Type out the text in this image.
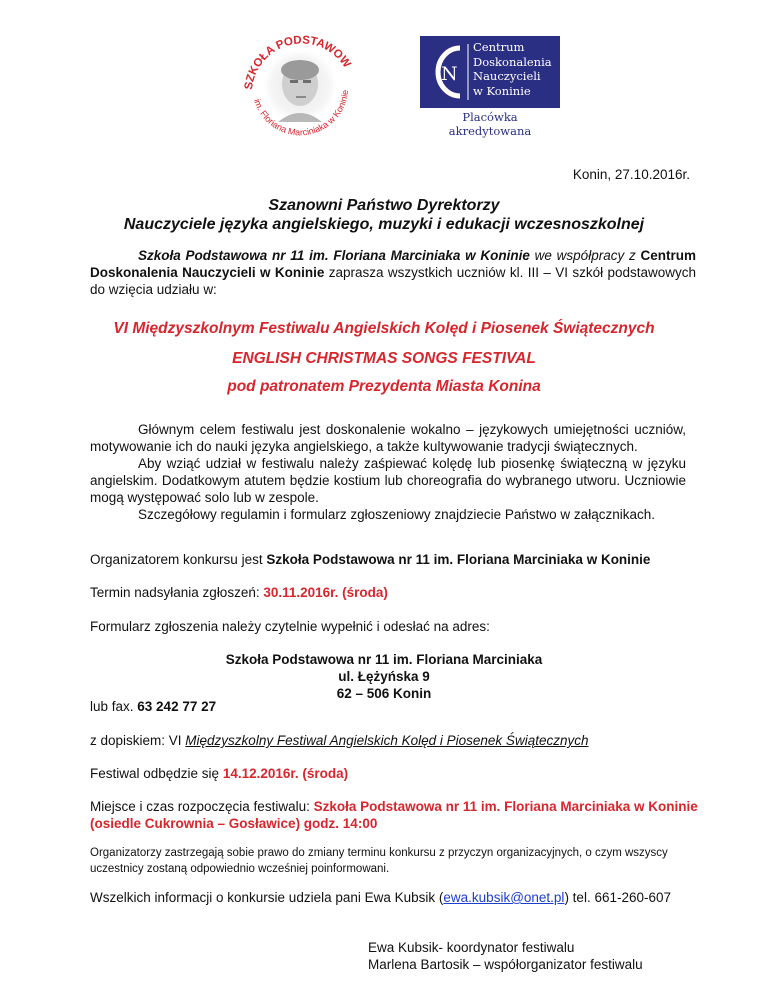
SZKOŁA PODSTAWOW
im. Floriana Marciniaka w Koninie
N
Centrum
Doskonalenia
Nauczycieli
w Koninie
Placówka akredytowana
Konin, 27.10.2016r.
Szanowni Państwo Dyrektorzy
Nauczyciele języka angielskiego, muzyki i edukacji wczesnoszkolnej
Szkoła Podstawowa nr 11 im. Floriana Marciniaka w Koninie we współpracy z Centrum Doskonalenia Nauczycieli w Koninie zaprasza wszystkich uczniów kl. III – VI szkół podstawowych do wzięcia udziału w:
VI Międzyszkolnym Festiwalu Angielskich Kolęd i Piosenek Świątecznych
ENGLISH CHRISTMAS SONGS FESTIVAL
pod patronatem Prezydenta Miasta Konina
Głównym celem festiwalu jest doskonalenie wokalno – językowych umiejętności uczniów, motywowanie ich do nauki języka angielskiego, a także kultywowanie tradycji świątecznych.
Aby wziąć udział w festiwalu należy zaśpiewać kolędę lub piosenkę świąteczną w języku angielskim. Dodatkowym atutem będzie kostium lub choreografia do wybranego utworu. Uczniowie mogą występować solo lub w zespole.
Szczegółowy regulamin i formularz zgłoszeniowy znajdziecie Państwo w załącznikach.
Organizatorem konkursu jest Szkoła Podstawowa nr 11 im. Floriana Marciniaka w Koninie
Termin nadsyłania zgłoszeń: 30.11.2016r. (środa)
Formularz zgłoszenia należy czytelnie wypełnić i odesłać na adres:
Szkoła Podstawowa nr 11 im. Floriana Marciniaka
ul. Łężyńska 9
62 – 506 Konin
lub fax. 63 242 77 27
z dopiskiem: VI Międzyszkolny Festiwal Angielskich Kolęd i Piosenek Świątecznych
Festiwal odbędzie się 14.12.2016r. (środa)
Miejsce i czas rozpoczęcia festiwalu: Szkoła Podstawowa nr 11 im. Floriana Marciniaka w Koninie
(osiedle Cukrownia – Gosławice) godz. 14:00
Organizatorzy zastrzegają sobie prawo do zmiany terminu konkursu z przyczyn organizacyjnych, o czym wszyscy uczestnicy zostaną odpowiednio wcześniej poinformowani.
Wszelkich informacji o konkursie udziela pani Ewa Kubsik (ewa.kubsik@onet.pl) tel. 661-260-607
Ewa Kubsik- koordynator festiwalu
Marlena Bartosik – współorganizator festiwalu
